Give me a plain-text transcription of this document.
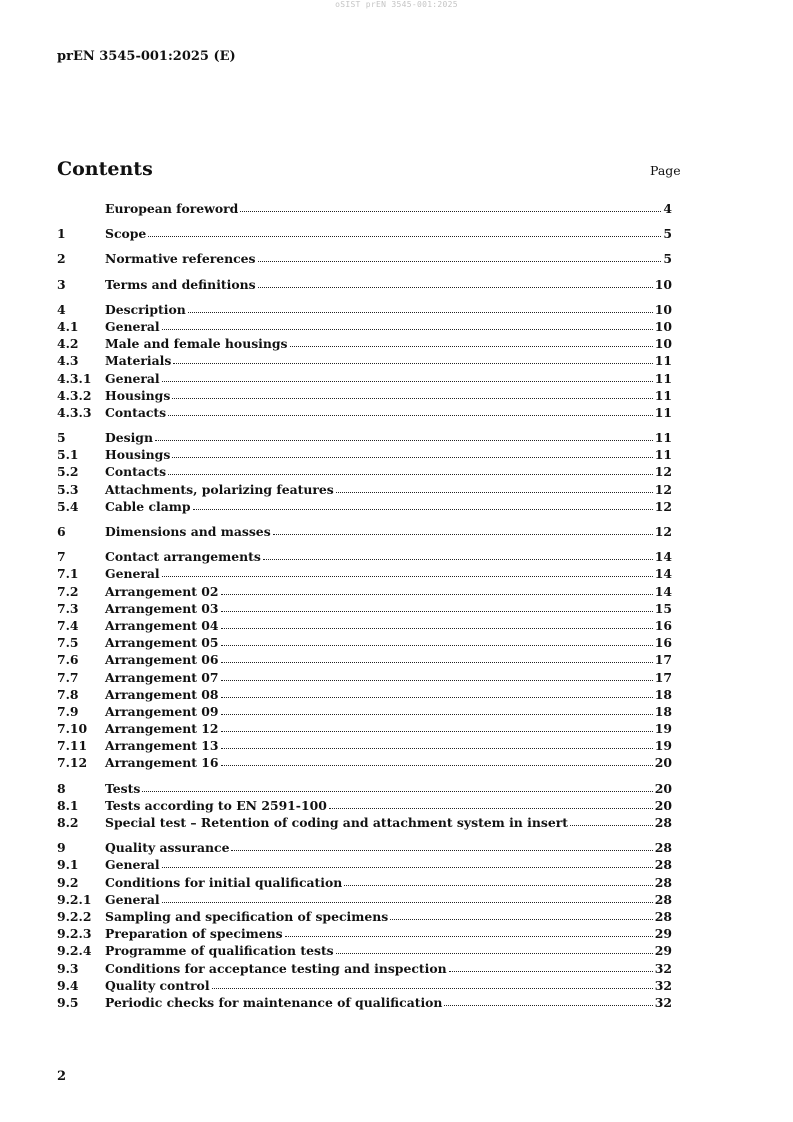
oSIST prEN 3545-001:2025
prEN 3545-001:2025 (E)
Contents	Page
European foreword	4
1	Scope	5
2	Normative references	5
3	Terms and definitions	10
4	Description	10
4.1	General	10
4.2	Male and female housings	10
4.3	Materials	11
4.3.1	General	11
4.3.2	Housings	11
4.3.3	Contacts	11
5	Design	11
5.1	Housings	11
5.2	Contacts	12
5.3	Attachments, polarizing features	12
5.4	Cable clamp	12
6	Dimensions and masses	12
7	Contact arrangements	14
7.1	General	14
7.2	Arrangement 02	14
7.3	Arrangement 03	15
7.4	Arrangement 04	16
7.5	Arrangement 05	16
7.6	Arrangement 06	17
7.7	Arrangement 07	17
7.8	Arrangement 08	18
7.9	Arrangement 09	18
7.10	Arrangement 12	19
7.11	Arrangement 13	19
7.12	Arrangement 16	20
8	Tests	20
8.1	Tests according to EN 2591-100	20
8.2	Special test – Retention of coding and attachment system in insert	28
9	Quality assurance	28
9.1	General	28
9.2	Conditions for initial qualification	28
9.2.1	General	28
9.2.2	Sampling and specification of specimens	28
9.2.3	Preparation of specimens	29
9.2.4	Programme of qualification tests	29
9.3	Conditions for acceptance testing and inspection	32
9.4	Quality control	32
9.5	Periodic checks for maintenance of qualification	32
2
